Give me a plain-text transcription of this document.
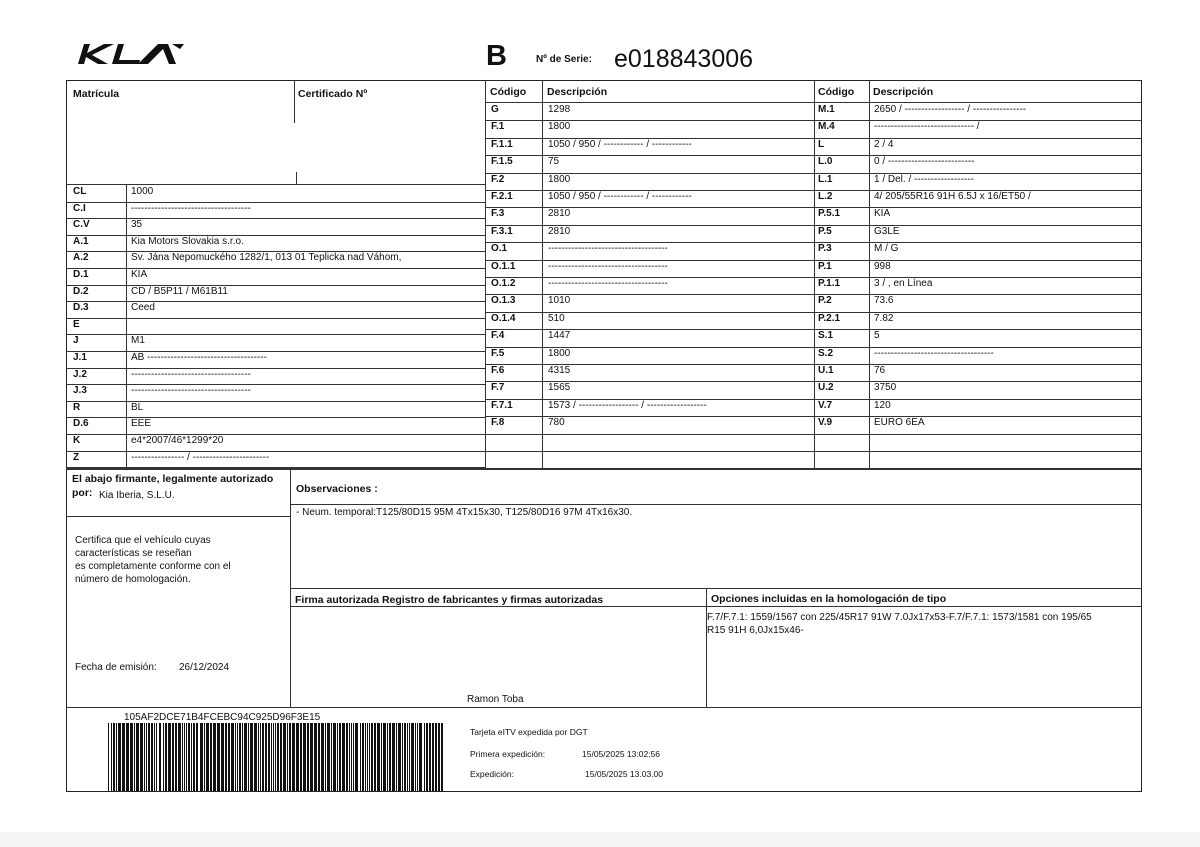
B	Nº de Serie: e018843006
Matrícula	Certificado Nº	Código Descripción	Código Descripción
CL	1000
C.I	------------------------------------
C.V	35
A.1	Kia Motors Slovakia s.r.o.
A.2	Sv. Jána Nepomuckého 1282/1, 013 01 Teplicka nad Váhom,
D.1	KIA
D.2	CD / B5P11 / M61B11
D.3	Ceed
E
J	M1
J.1	AB ------------------------------------
J.2	------------------------------------
J.3	------------------------------------
R	BL
D.6	EEE
K	e4*2007/46*1299*20
Z	---------------- / -----------------------
G	1298
F.1	1800
F.1.1	1050 / 950 / ------------ / ------------
F.1.5	75
F.2	1800
F.2.1	1050 / 950 / ------------ / ------------
F.3	2810
F.3.1	2810
O.1	------------------------------------
O.1.1	------------------------------------
O.1.2	------------------------------------
O.1.3	1010
O.1.4	510
F.4	1447
F.5	1800
F.6	4315
F.7	1565
F.7.1	1573 / ------------------ / ------------------
F.8	780
M.1	2650 / ------------------ / ----------------
M.4	------------------------------ /
L	2 / 4
L.0	0 / --------------------------
L.1	1 / Del. / ------------------
L.2	4/ 205/55R16 91H 6.5J x 16/ET50 /
P.5.1	KIA
P.5	G3LE
P.3	M / G
P.1	998
P.1.1	3 / , en Línea
P.2	73.6
P.2.1	7.82
S.1	5
S.2	------------------------------------
U.1	76
U.2	3750
V.7	120
V.9	EURO 6EA
El abajo firmante, legalmente autorizado
por: Kia Iberia, S.L.U.
Certifica que el vehículo cuyas
características se reseñan
es completamente conforme con el
número de homologación.
Fecha de emisión: 26/12/2024
Observaciones :
- Neum. temporal:T125/80D15 95M 4Tx15x30, T125/80D16 97M 4Tx16x30.
Firma autorizada Registro de fabricantes y firmas autorizadas
Ramon Toba
Opciones incluidas en la homologación de tipo
F.7/F.7.1: 1559/1567 con 225/45R17 91W 7.0Jx17x53-F.7/F.7.1: 1573/1581 con 195/65
R15 91H 6,0Jx15x46-
105AF2DCE71B4FCEBC94C925D96F3E15
Tarjeta eITV expedida por DGT
Primera expedición:	15/05/2025 13:02:56
Expedición:	15/05/2025 13.03.00
